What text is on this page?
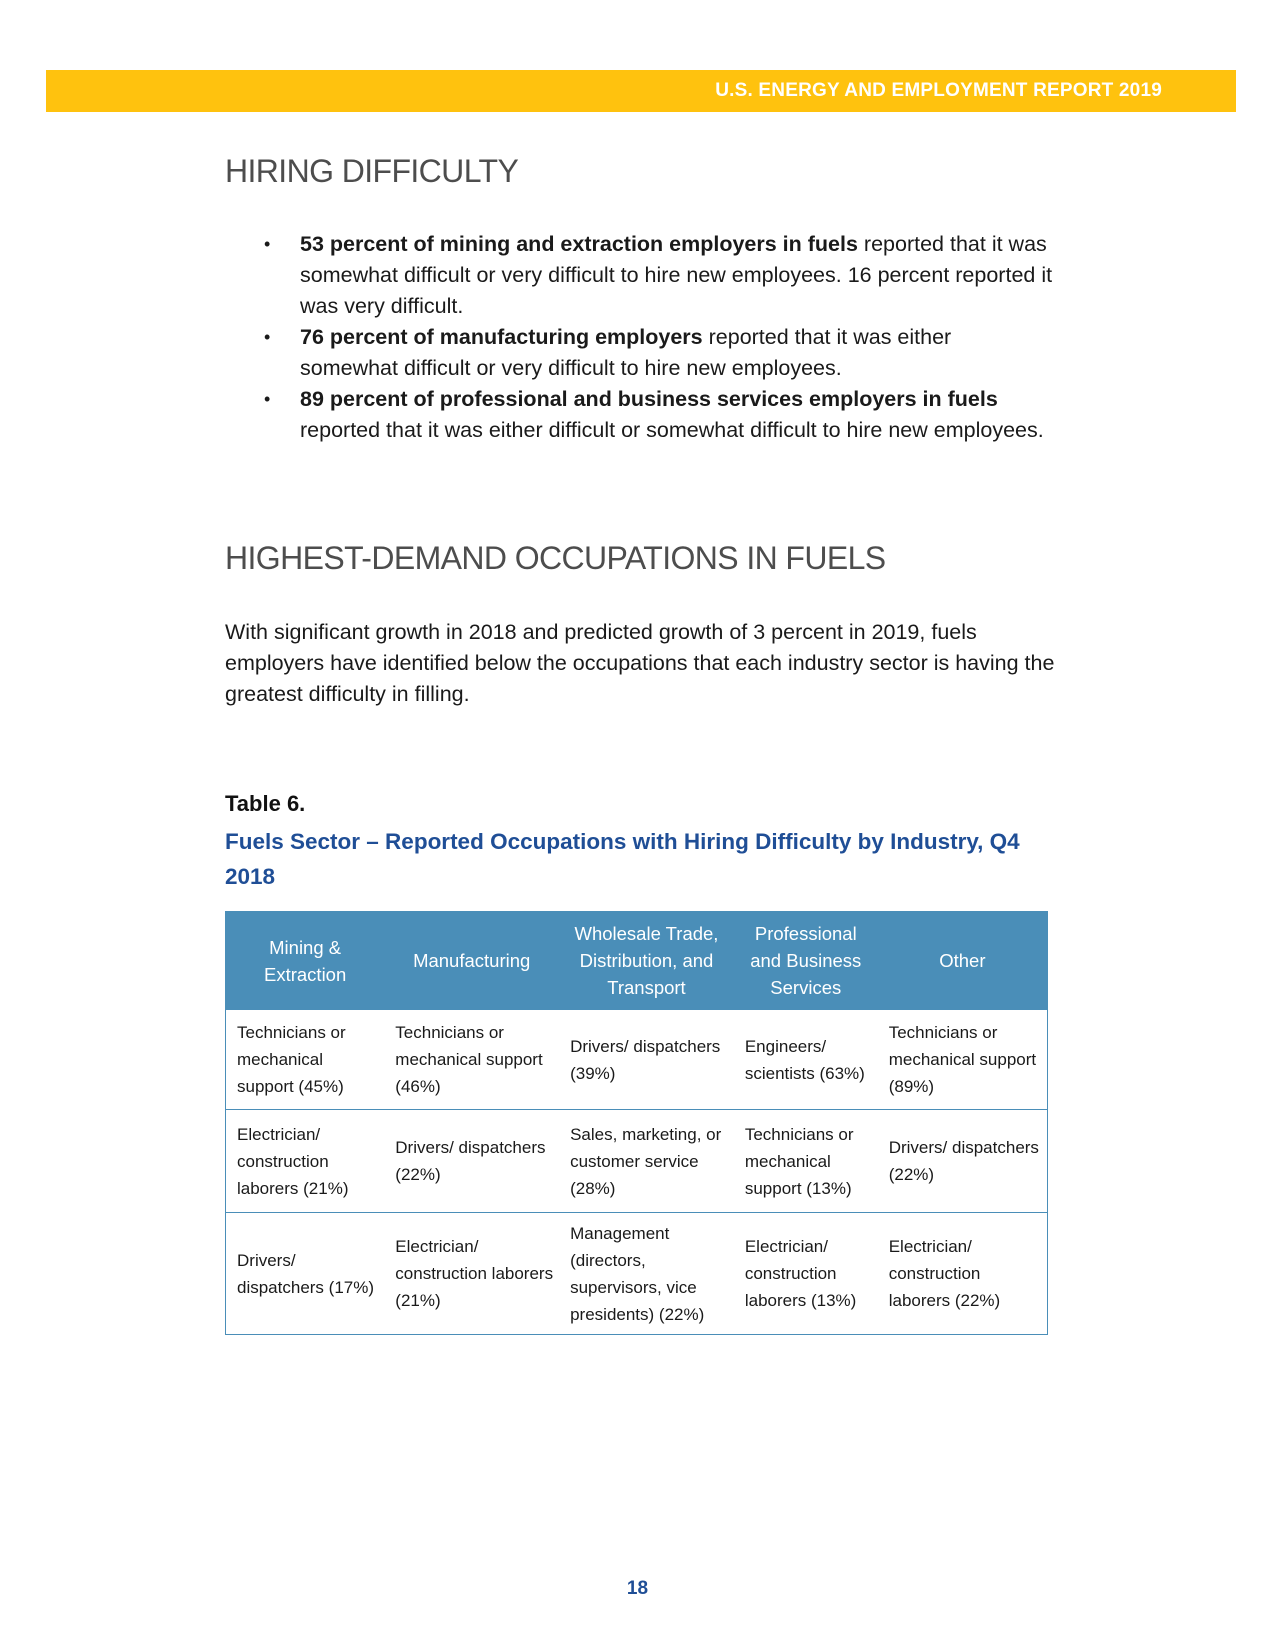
U.S. ENERGY AND EMPLOYMENT REPORT 2019
HIRING DIFFICULTY
• 53 percent of mining and extraction employers in fuels reported that it was somewhat difficult or very difficult to hire new employees. 16 percent reported it was very difficult.
• 76 percent of manufacturing employers reported that it was either somewhat difficult or very difficult to hire new employees.
• 89 percent of professional and business services employers in fuels reported that it was either difficult or somewhat difficult to hire new employees.
HIGHEST-DEMAND OCCUPATIONS IN FUELS

With significant growth in 2018 and predicted growth of 3 percent in 2019, fuels employers have identified below the occupations that each industry sector is having the greatest difficulty in filling.

Table 6.
Fuels Sector – Reported Occupations with Hiring Difficulty by Industry, Q4 2018
Mining & Extraction	Manufacturing	Wholesale Trade, Distribution, and Transport	Professional and Business Services	Other
Technicians or mechanical support (45%)	Technicians or mechanical support (46%)	Drivers/ dispatchers (39%)	Engineers/ scientists (63%)	Technicians or mechanical support (89%)
Electrician/ construction laborers (21%)	Drivers/ dispatchers (22%)	Sales, marketing, or customer service (28%)	Technicians or mechanical support (13%)	Drivers/ dispatchers (22%)
Drivers/ dispatchers (17%)	Electrician/ construction laborers (21%)	Management (directors, supervisors, vice presidents) (22%)	Electrician/ construction laborers (13%)	Electrician/ construction laborers (22%)
18
